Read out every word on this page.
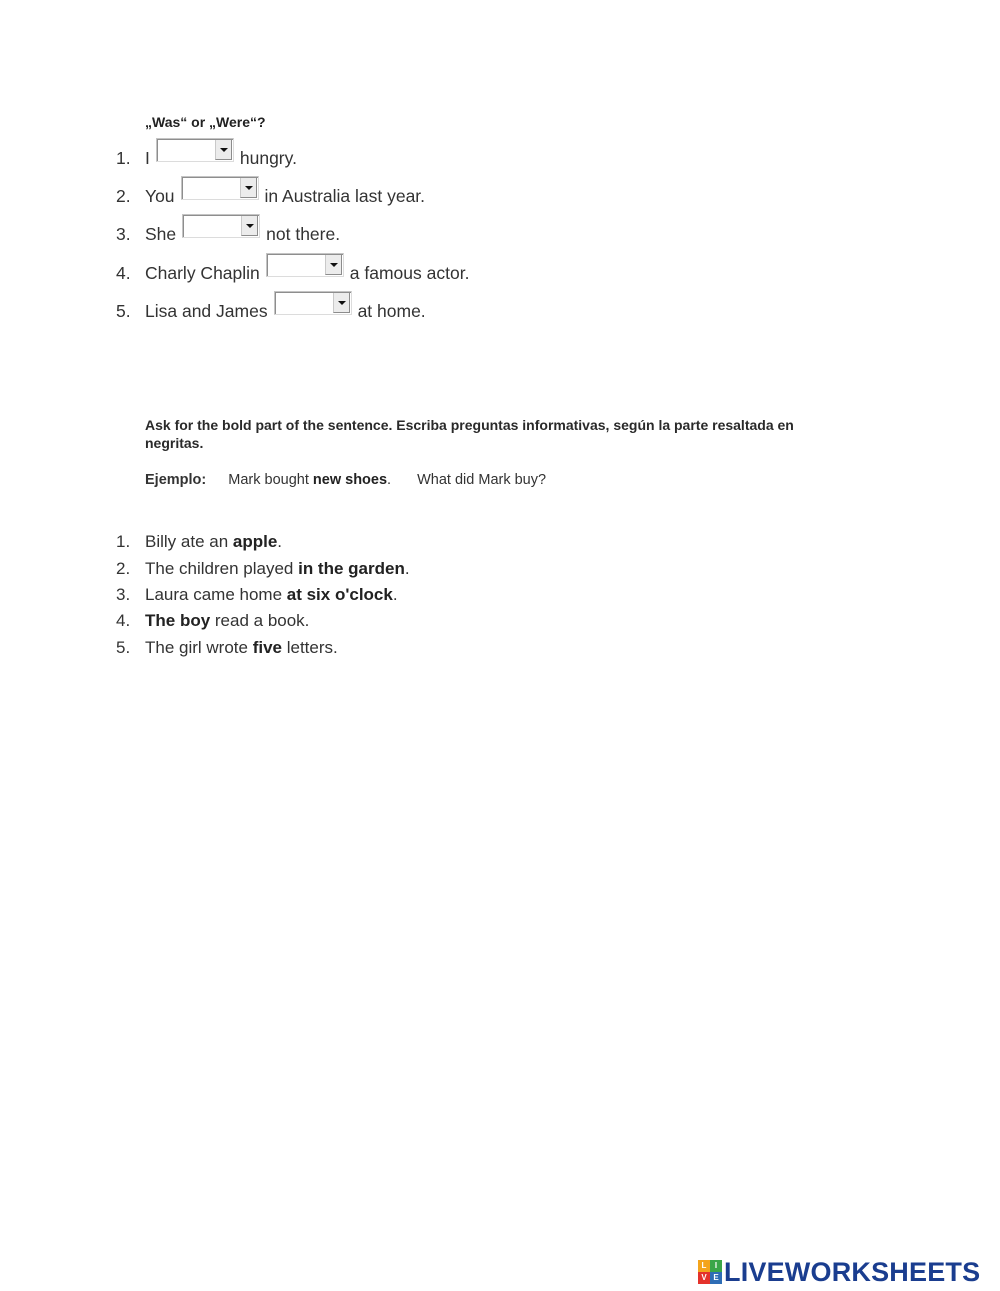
„Was“ or „Were“?
1. I	hungry.
2. You	in Australia last year.
3. She	not there.
4. Charly Chaplin	a famous actor.
5. Lisa and James	at home.
Ask for the bold part of the sentence. Escriba preguntas informativas, según la parte resaltada en negritas.
Ejemplo: Mark bought new shoes. What did Mark buy?
1. Billy ate an apple.
2. The children played in the garden.
3. Laura came home at six o'clock.
4. The boy read a book.
5. The girl wrote five letters.
L	I
V E LIVEWORKSHEETS
